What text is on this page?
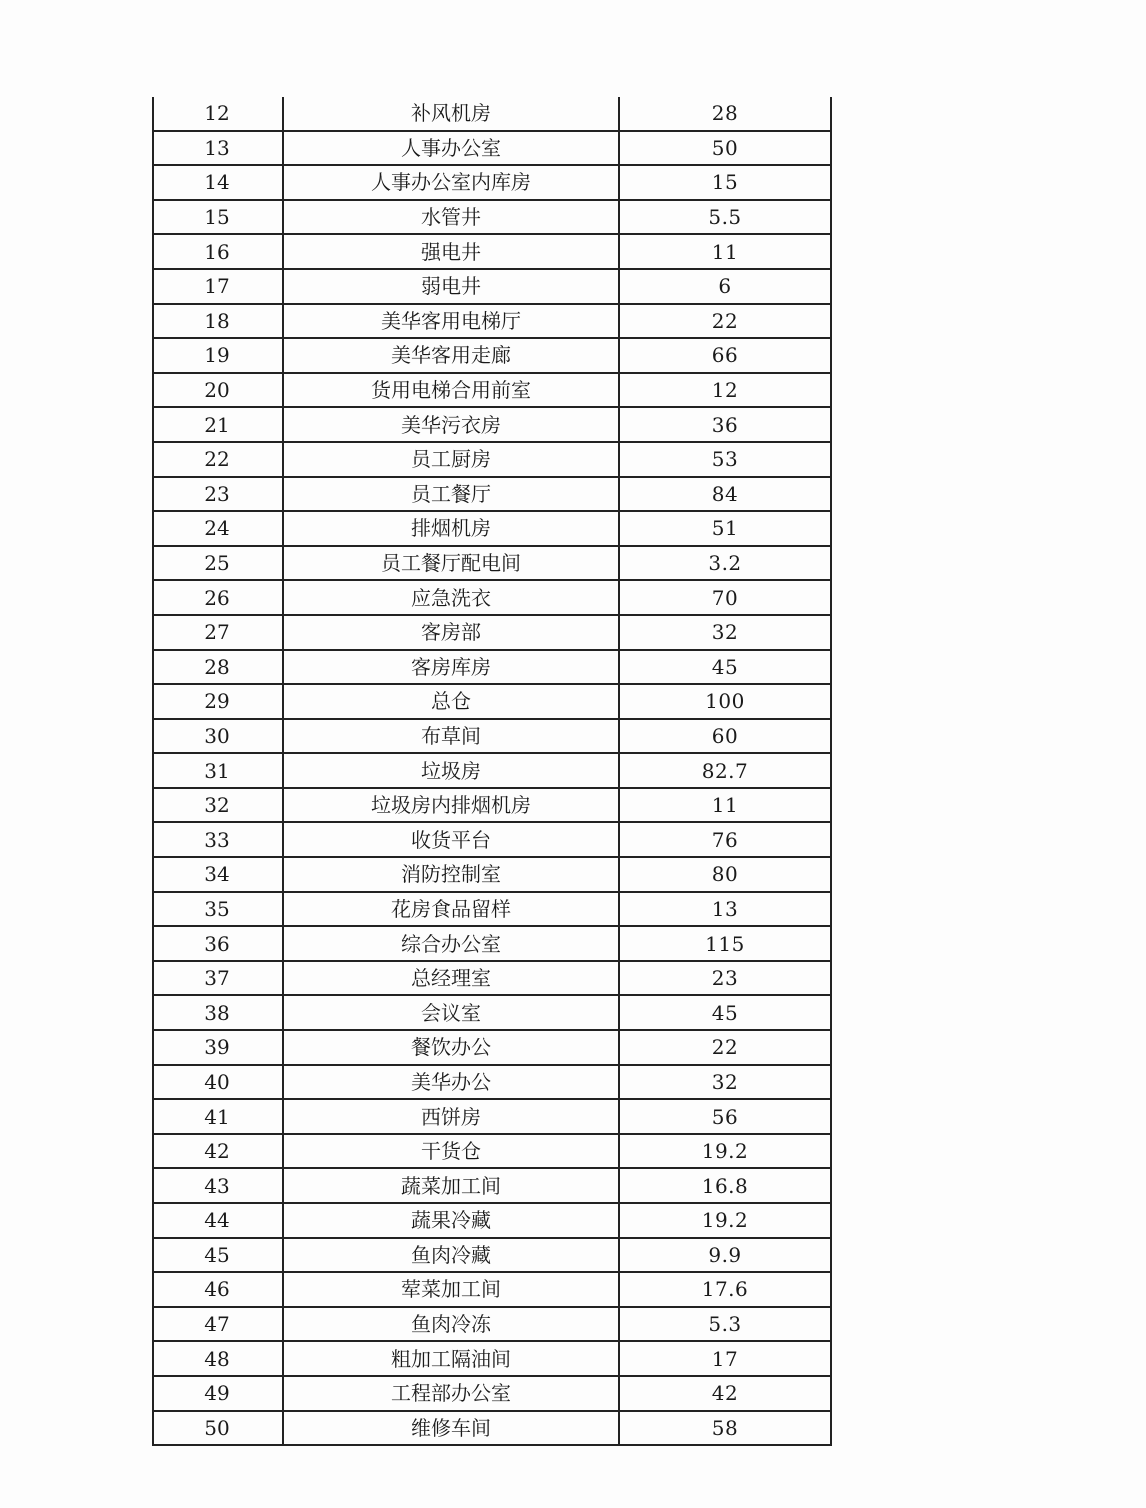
12	补风机房	28
13	人事办公室	50
14	人事办公室内库房	15
15	水管井	5.5
16	强电井	11
17	弱电井	6
18	美华客用电梯厅	22
19	美华客用走廊	66
20	货用电梯合用前室	12
21	美华污衣房	36
22	员工厨房	53
23	员工餐厅	84
24	排烟机房	51
25	员工餐厅配电间	3.2
26	应急洗衣	70
27	客房部	32
28	客房库房	45
29	总仓	100
30	布草间	60
31	垃圾房	82.7
32	垃圾房内排烟机房	11
33	收货平台	76
34	消防控制室	80
35	花房食品留样	13
36	综合办公室	115
37	总经理室	23
38	会议室	45
39	餐饮办公	22
40	美华办公	32
41	西饼房	56
42	干货仓	19.2
43	蔬菜加工间	16.8
44	蔬果冷藏	19.2
45	鱼肉冷藏	9.9
46	荤菜加工间	17.6
47	鱼肉冷冻	5.3
48	粗加工隔油间	17
49	工程部办公室	42
50	维修车间	58
